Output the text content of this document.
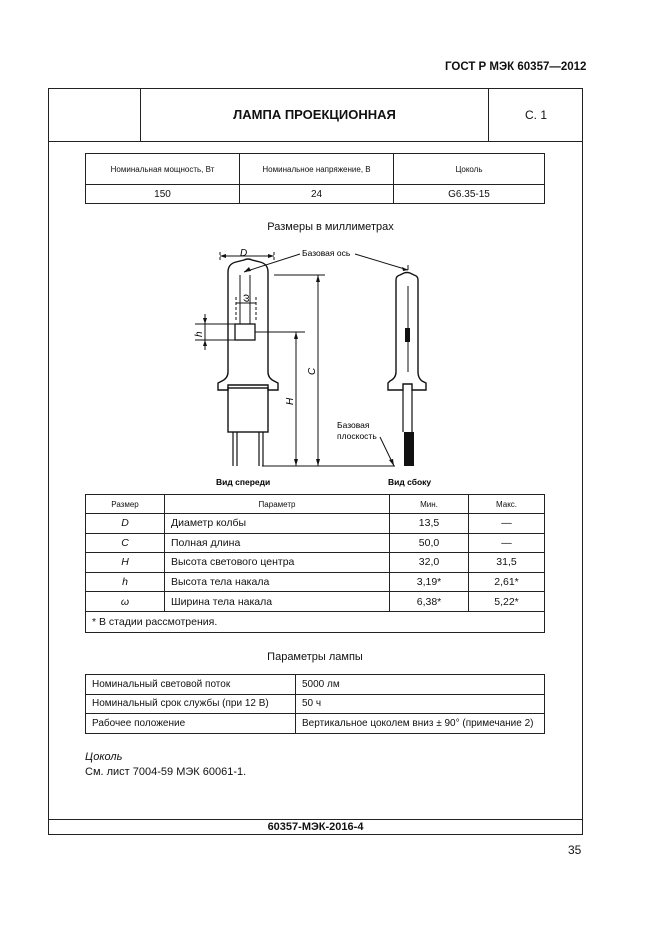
ГОСТ Р МЭК 60357—2012
ЛАМПА ПРОЕКЦИОННАЯ	С. 1
Номинальная мощность, Вт	Номинальное напряжение, В	Цоколь
150	24	G6.35-15
Размеры в миллиметрах
D
ω
h
C
H
Базовая ось
Базовая
плоскость
Вид спереди	Вид сбоку
Размер	Параметр	Мин.	Макс.
D	Диаметр колбы	13,5	—
C	Полная длина	50,0	—
H	Высота светового центра	32,0	31,5
h	Высота тела накала	3,19*	2,61*
ω	Ширина тела накала	6,38*	5,22*
* В стадии рассмотрения.			
Параметры лампы
Номинальный световой поток	5000 лм
Номинальный срок службы (при 12 В)	50 ч
Рабочее положение	Вертикальное цоколем вниз ± 90° (примечание 2)
Цоколь
См. лист 7004-59 МЭК 60061-1.
60357-МЭК-2016-4
35
